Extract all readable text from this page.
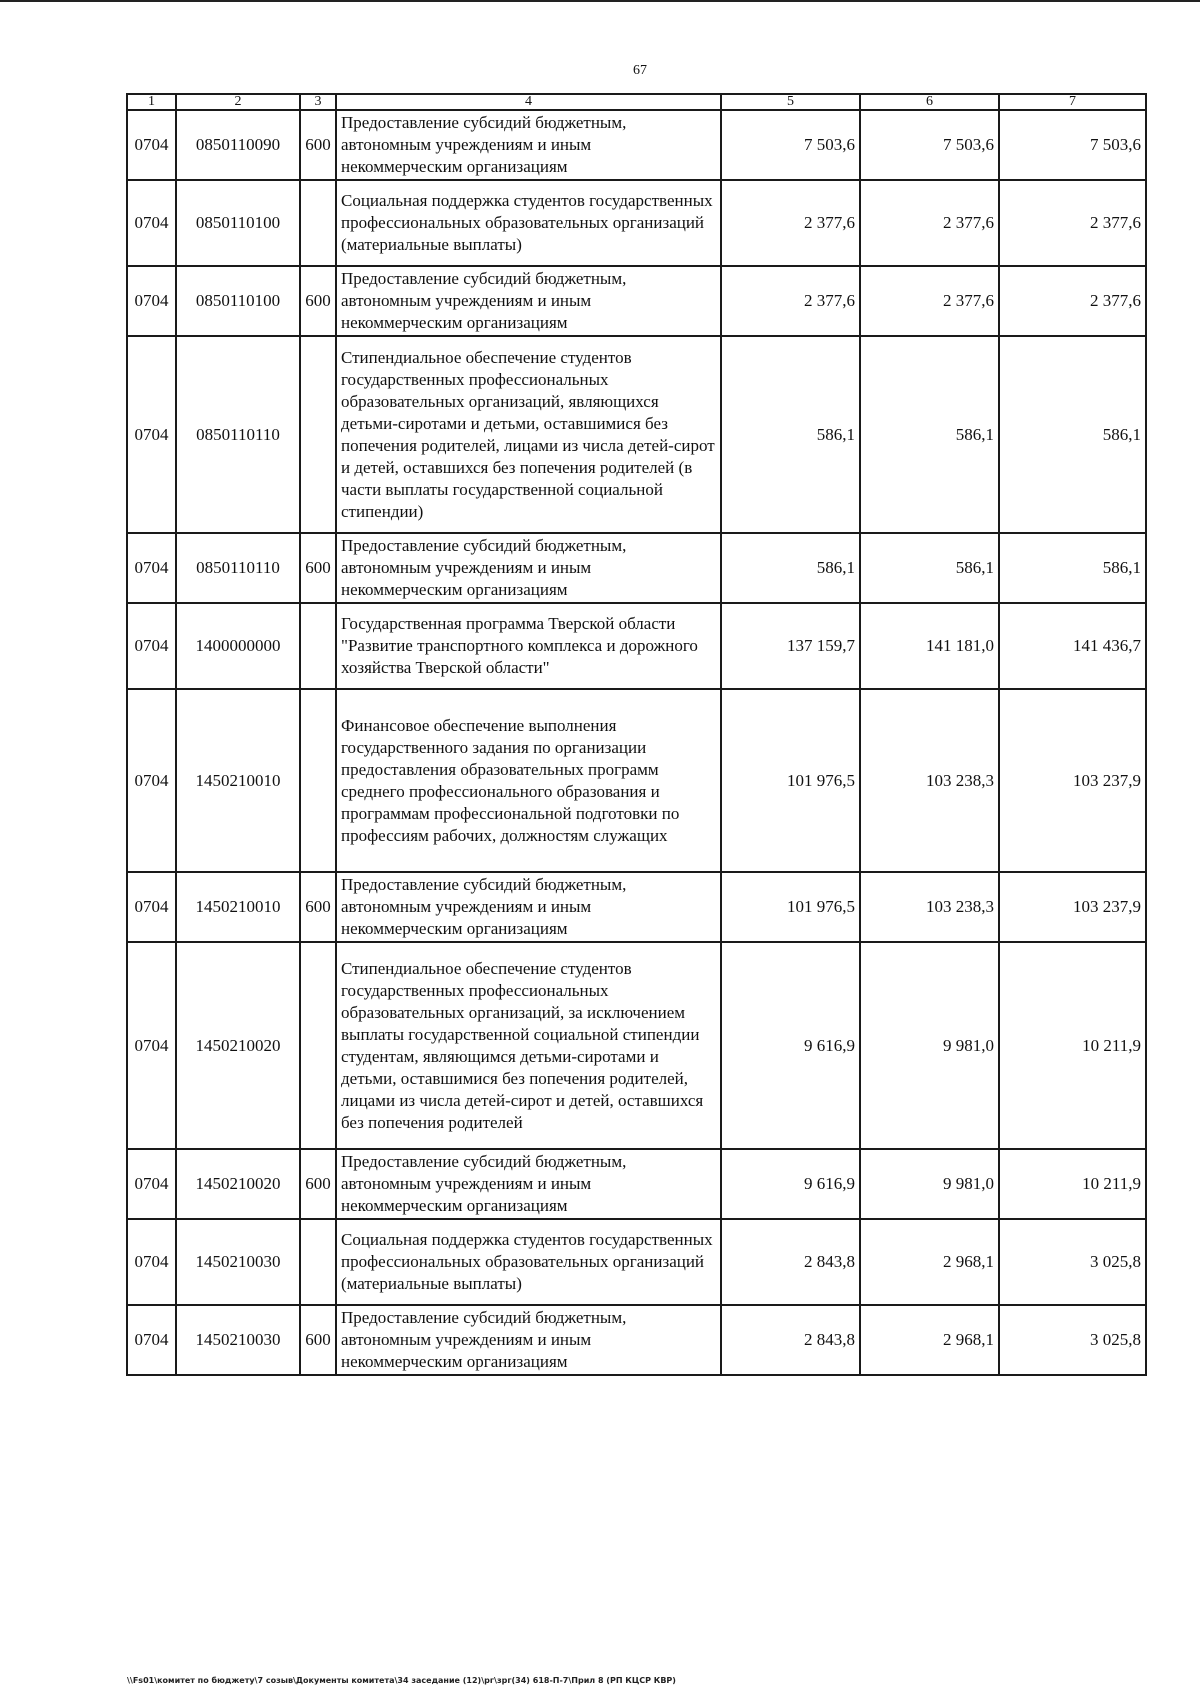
67
1	2	3	4	5	6	7
0704	0850110090	600	Предоставление субсидий бюджетным, автономным учреждениям и иным некоммерческим организациям	7 503,6	7 503,6	7 503,6
0704	0850110100		Социальная поддержка студентов государственных профессиональных образовательных организаций (материальные выплаты)	2 377,6	2 377,6	2 377,6
0704	0850110100	600	Предоставление субсидий бюджетным, автономным учреждениям и иным некоммерческим организациям	2 377,6	2 377,6	2 377,6
0704	0850110110		Стипендиальное обеспечение студентов государственных профессиональных образовательных организаций, являющихся детьми-сиротами и детьми, оставшимися без попечения родителей, лицами из числа детей-сирот и детей, оставшихся без попечения родителей (в части выплаты государственной социальной стипендии)	586,1	586,1	586,1
0704	0850110110	600	Предоставление субсидий бюджетным, автономным учреждениям и иным некоммерческим организациям	586,1	586,1	586,1
0704	1400000000		Государственная программа Тверской области "Развитие транспортного комплекса и дорожного хозяйства Тверской области"	137 159,7	141 181,0	141 436,7
0704	1450210010		Финансовое обеспечение выполнения государственного задания по организации предоставления образовательных программ среднего профессионального образования и программам профессиональной подготовки по профессиям рабочих, должностям служащих	101 976,5	103 238,3	103 237,9
0704	1450210010	600	Предоставление субсидий бюджетным, автономным учреждениям и иным некоммерческим организациям	101 976,5	103 238,3	103 237,9
0704	1450210020		Стипендиальное обеспечение студентов государственных профессиональных образовательных организаций, за исключением выплаты государственной социальной стипендии студентам, являющимся детьми-сиротами и детьми, оставшимися без попечения родителей, лицами из числа детей-сирот и детей, оставшихся без попечения родителей	9 616,9	9 981,0	10 211,9
0704	1450210020	600	Предоставление субсидий бюджетным, автономным учреждениям и иным некоммерческим организациям	9 616,9	9 981,0	10 211,9
0704	1450210030		Социальная поддержка студентов государственных профессиональных образовательных организаций (материальные выплаты)	2 843,8	2 968,1	3 025,8
0704	1450210030	600	Предоставление субсидий бюджетным, автономным учреждениям и иным некоммерческим организациям	2 843,8	2 968,1	3 025,8
\\Fs01\комитет по бюджету\7 созыв\Документы комитета\34 заседание (12)\рг\зрг(34) 618-П-7\Прил 8 (РП КЦСР КВР)
